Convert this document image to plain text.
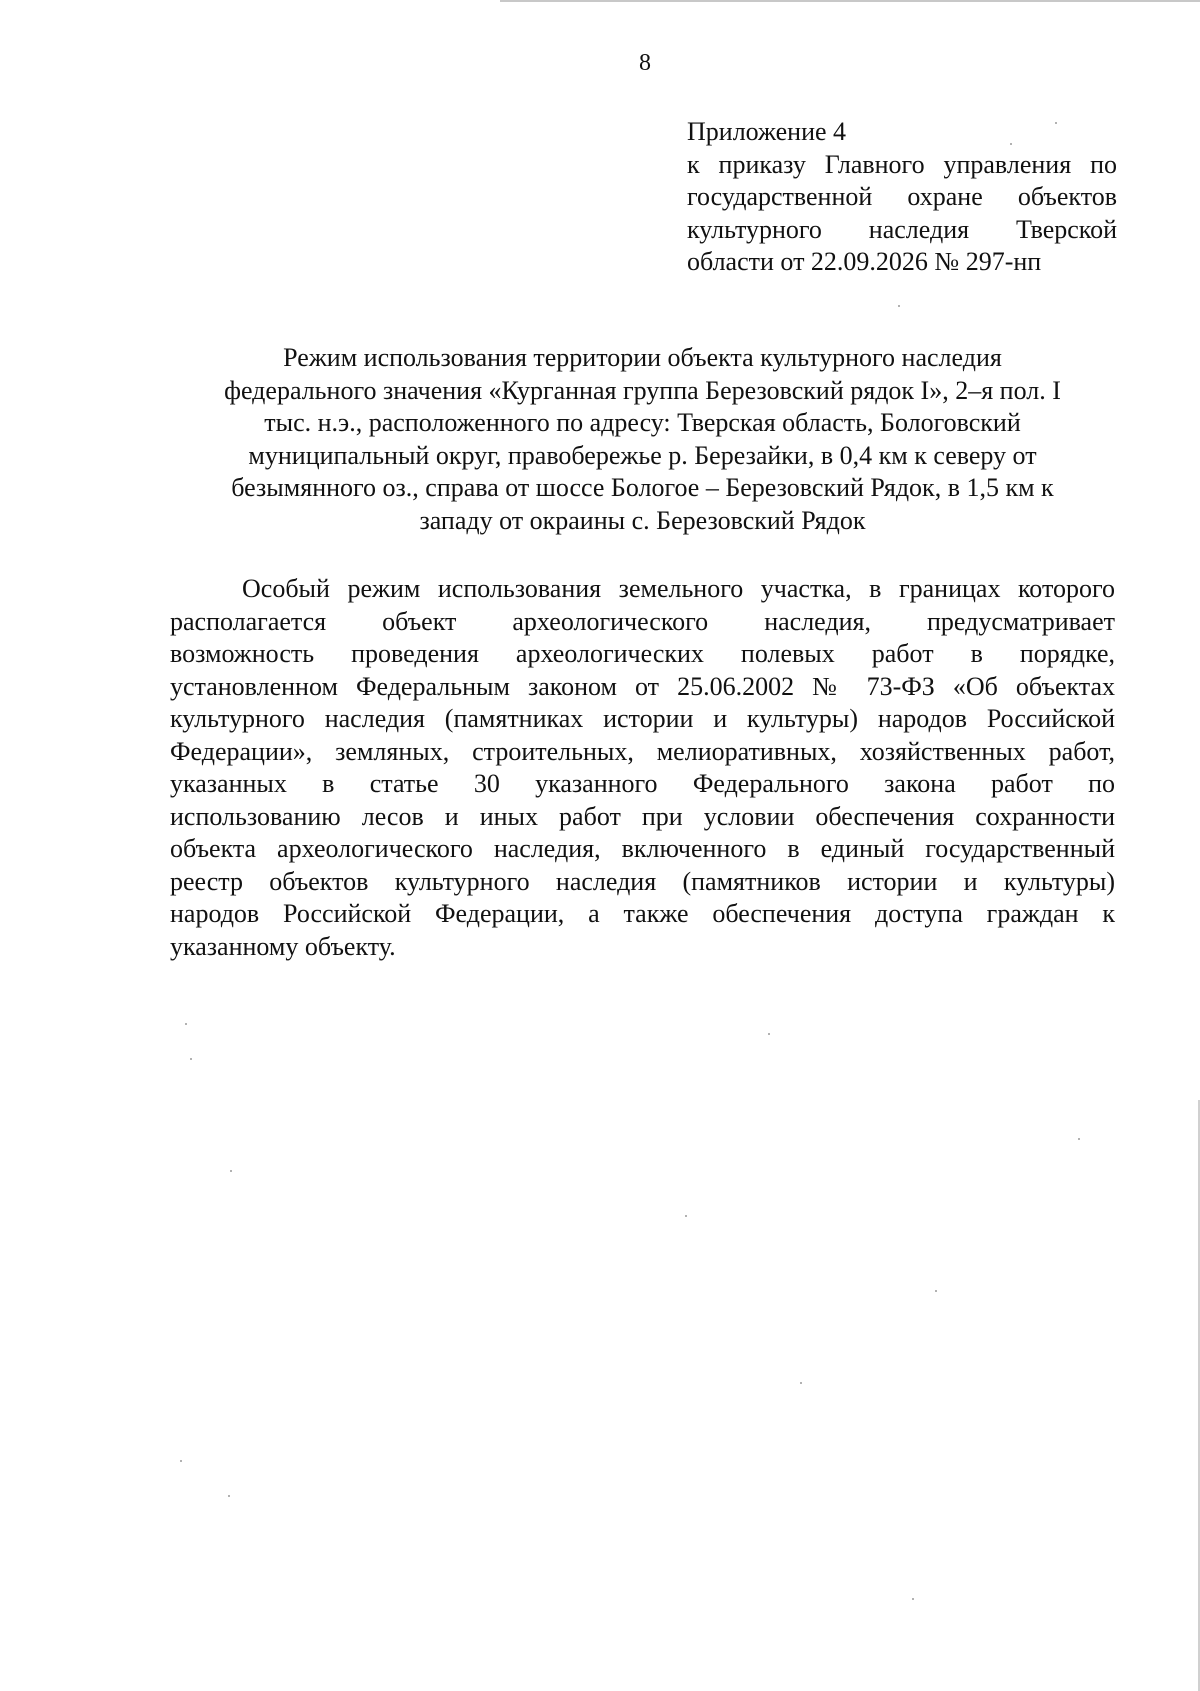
8
Приложение 4
к приказу Главного управления по
государственной охране объектов
культурного наследия Тверской
области от 22.09.2026 № 297-нп
Режим использования территории объекта культурного наследия
федерального значения «Курганная группа Березовский рядок I», 2–я пол. I
тыс. н.э., расположенного по адресу: Тверская область, Бологовский
муниципальный округ, правобережье р. Березайки, в 0,4 км к северу от
безымянного оз., справа от шоссе Бологое – Березовский Рядок, в 1,5 км к
западу от окраины с. Березовский Рядок
Особый режим использования земельного участка, в границах которого
располагается объект археологического наследия, предусматривает
возможность проведения археологических полевых работ в порядке,
установленном Федеральным законом от 25.06.2002 № 73-ФЗ «Об объектах
культурного наследия (памятниках истории и культуры) народов Российской
Федерации», земляных, строительных, мелиоративных, хозяйственных работ,
указанных в статье 30 указанного Федерального закона работ по
использованию лесов и иных работ при условии обеспечения сохранности
объекта археологического наследия, включенного в единый государственный
реестр объектов культурного наследия (памятников истории и культуры)
народов Российской Федерации, а также обеспечения доступа граждан к
указанному объекту.
